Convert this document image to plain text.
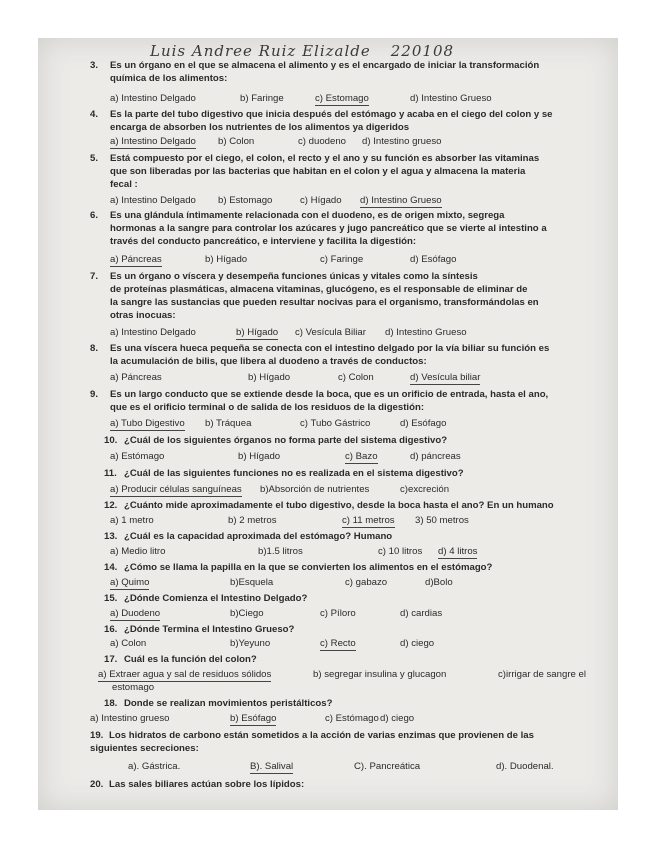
Luis Andree Ruiz Elizalde 220108
3. Es un órgano en el que se almacena el alimento y es el encargado de iniciar la transformación
química de los alimentos:
a) Intestino Delgado	b) Faringe	c) Estomago	d) Intestino Grueso
4. Es la parte del tubo digestivo que inicia después del estómago y acaba en el ciego del colon y se
encarga de absorben los nutrientes de los alimentos ya digeridos
a) Intestino Delgado b) Colon	c) duodeno d) Intestino grueso
5. Está compuesto por el ciego, el colon, el recto y el ano y su función es absorber las vitaminas
que son liberadas por las bacterias que habitan en el colon y el agua y almacena la materia
fecal :
a) Intestino Delgado b) Estomago	c) Hígado d) Intestino Grueso
6. Es una glándula íntimamente relacionada con el duodeno, es de origen mixto, segrega
hormonas a la sangre para controlar los azúcares y jugo pancreático que se vierte al intestino a
través del conducto pancreático, e interviene y facilita la digestión:
a) Páncreas	b) Hígado	c) Faringe	d) Esófago
7. Es un órgano o víscera y desempeña funciones únicas y vitales como la síntesis
de proteínas plasmáticas, almacena vitaminas, glucógeno, es el responsable de eliminar de
la sangre las sustancias que pueden resultar nocivas para el organismo, transformándolas en
otras inocuas:
a) Intestino Delgado	b) Hígado c) Vesícula Biliar d) Intestino Grueso
8. Es una víscera hueca pequeña se conecta con el intestino delgado por la vía biliar su función es
la acumulación de bilis, que libera al duodeno a través de conductos:
a) Páncreas	b) Hígado	c) Colon	d) Vesícula biliar
9. Es un largo conducto que se extiende desde la boca, que es un orificio de entrada, hasta el ano,
que es el orificio terminal o de salida de los residuos de la digestión:
a) Tubo Digestivo b) Tráquea	c) Tubo Gástrico	d) Esófago
10. ¿Cuál de los siguientes órganos no forma parte del sistema digestivo?
a) Estómago	b) Hígado	c) Bazo	d) páncreas
11. ¿Cuál de las siguientes funciones no es realizada en el sistema digestivo?
a) Producir células sanguíneas b)Absorción de nutrientes	c)excreción
12. ¿Cuánto mide aproximadamente el tubo digestivo, desde la boca hasta el ano? En un humano
a) 1 metro	b) 2 metros	c) 11 metros 3) 50 metros
13. ¿Cuál es la capacidad aproximada del estómago? Humano
a) Medio litro	b)1.5 litros	c) 10 litros d) 4 litros
14. ¿Cómo se llama la papilla en la que se convierten los alimentos en el estómago?
a) Quimo	b)Esquela	c) gabazo	d)Bolo
15. ¿Dónde Comienza el Intestino Delgado?
a) Duodeno	b)Ciego	c) Píloro	d) cardias
16. ¿Dónde Termina el Intestino Grueso?
a) Colon	b)Yeyuno	c) Recto	d) ciego
17. Cuál es la función del colon?
a) Extraer agua y sal de residuos sólidos	b) segregar insulina y glucagon	c)irrigar de sangre el
estomago
18. Donde se realizan movimientos peristálticos?
a) Intestino grueso	b) Esófago	c) Estómago d) ciego
19. Los hidratos de carbono están sometidos a la acción de varias enzimas que provienen de las
siguientes secreciones:
a). Gástrica.	B). Salival	C). Pancreática	d). Duodenal.
20. Las sales biliares actúan sobre los lípidos:
